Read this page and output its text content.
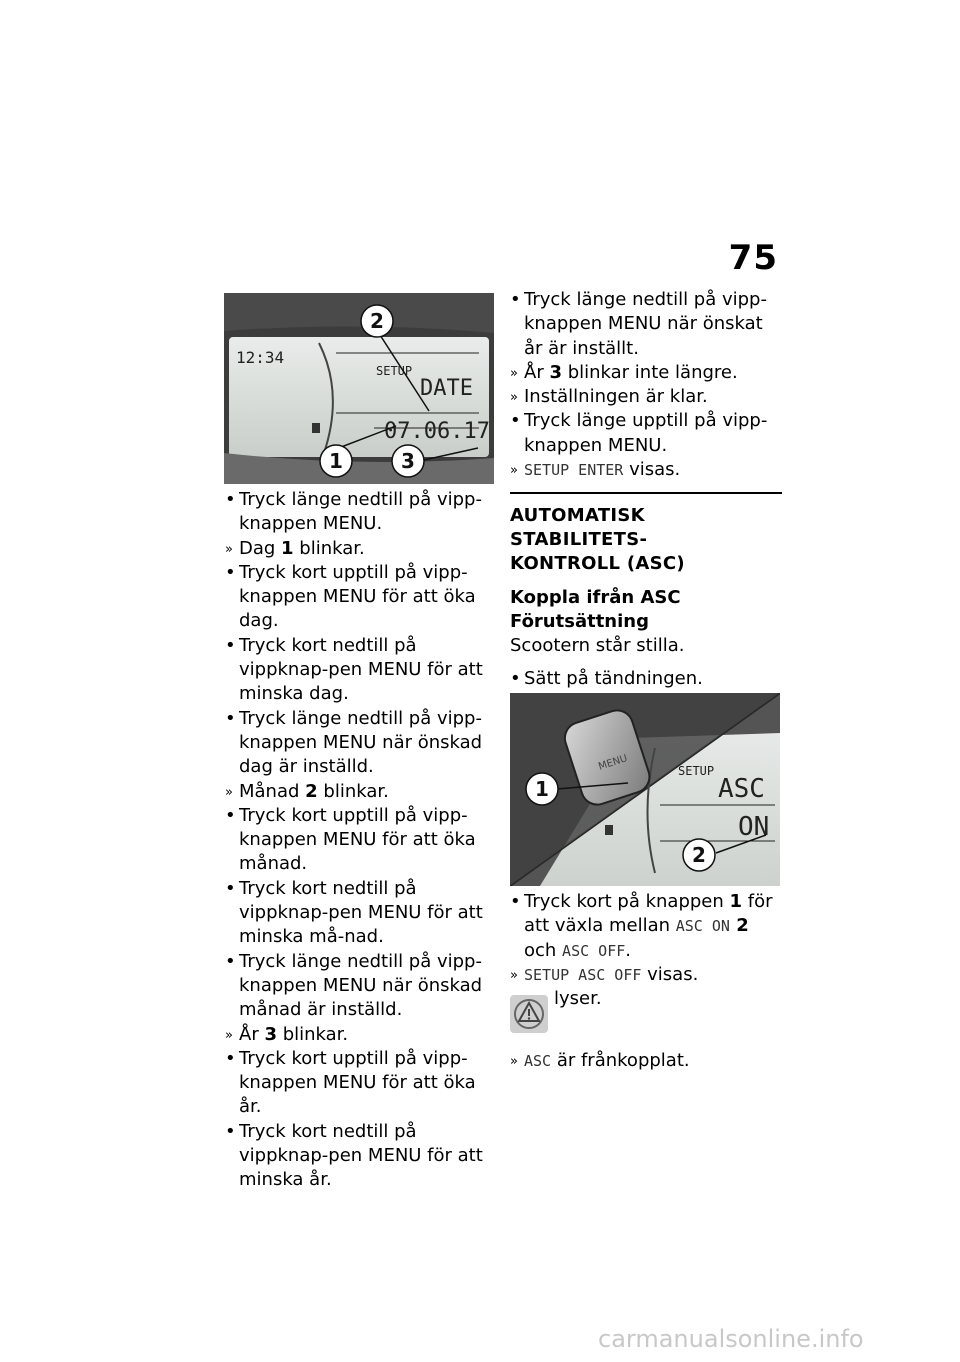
75
12:34
SETUP
DATE
07.06.17
2
1	3
• Tryck länge nedtill på vipp-knappen MENU.
» Dag 1 blinkar.
• Tryck kort upptill på vipp-knappen MENU för att öka dag.
• Tryck kort nedtill på vippknap-pen MENU för att minska dag.
• Tryck länge nedtill på vipp-knappen MENU när önskad dag är inställd.
» Månad 2 blinkar.
• Tryck kort upptill på vipp-knappen MENU för att öka månad.
• Tryck kort nedtill på vippknap-pen MENU för att minska må-nad.
• Tryck länge nedtill på vipp-knappen MENU när önskad månad är inställd.
» År 3 blinkar.
• Tryck kort upptill på vipp-knappen MENU för att öka år.
• Tryck kort nedtill på vippknap-pen MENU för att minska år.
• Tryck länge nedtill på vipp-knappen MENU när önskat år är inställt.
» År 3 blinkar inte längre.
» Inställningen är klar.
• Tryck länge upptill på vipp-knappen MENU.
» SETUP ENTER visas.
AUTOMATISK STABILITETS-
KONTROLL (ASC)
Koppla ifrån ASC
Förutsättning
Scootern står stilla.
• Sätt på tändningen.
MENU	SETUP
ASC
ON
1
2
• Tryck kort på knappen 1 för att växla mellan ASC ON 2 och ASC OFF.
» SETUP ASC OFF visas.
lyser.
» ASC är frånkopplat.
carmanualsonline.info
